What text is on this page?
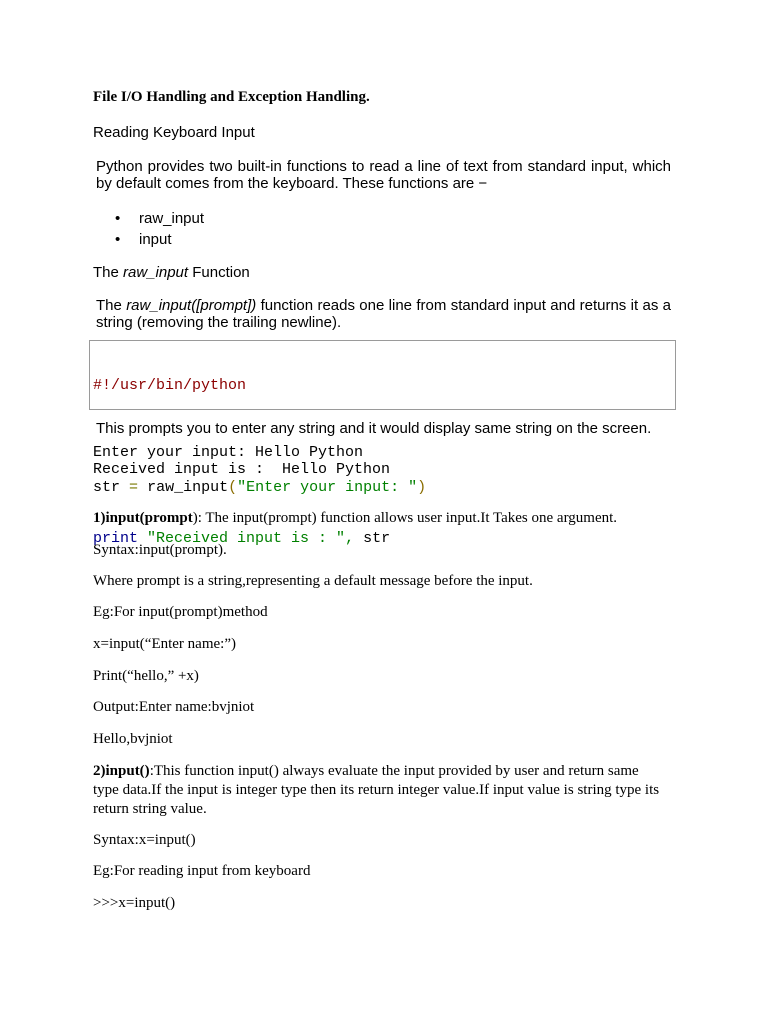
File I/O Handling and Exception Handling.
Reading Keyboard Input
Python provides two built-in functions to read a line of text from standard input, which by default comes from the keyboard. These functions are −
• raw_input
• input
The raw_input Function
The raw_input([prompt]) function reads one line from standard input and returns it as a string (removing the trailing newline).

#!/usr/bin/python

str = raw_input("Enter your input: ")

print "Received input is : ", str

This prompts you to enter any string and it would display same string on the screen.
Enter your input: Hello Python
Received input is :  Hello Python
1)input(prompt): The input(prompt) function allows user input.It Takes one argument.
Syntax:input(prompt).
Where prompt is a string,representing a default message before the input.
Eg:For input(prompt)method
x=input(“Enter name:”)
Print(“hello,” +x)
Output:Enter name:bvjniot
Hello,bvjniot
2)input():This function input() always evaluate the input provided by user and return same type data.If the input is integer type then its return integer value.If input value is string type its return string value.
Syntax:x=input()
Eg:For reading input from keyboard
>>>x=input()
